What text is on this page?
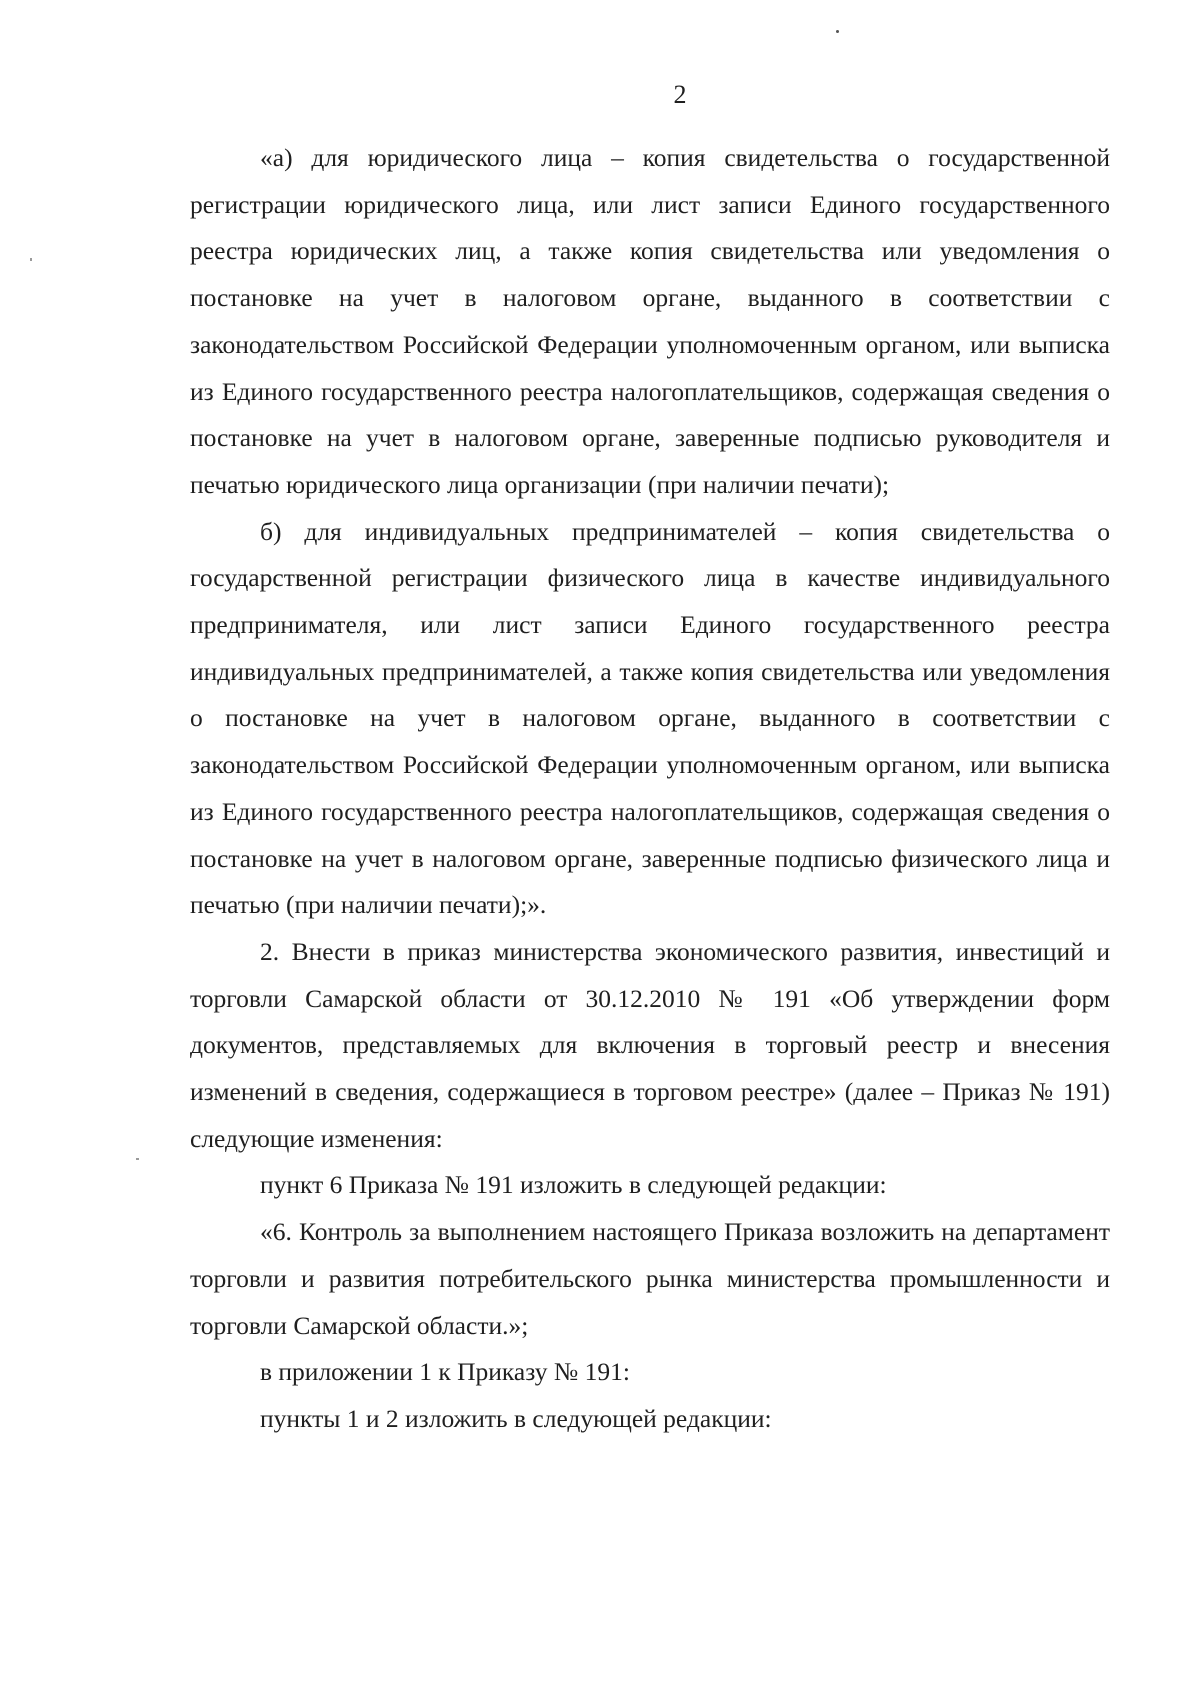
2

«а) для юридического лица – копия свидетельства о государственной регистрации юридического лица, или лист записи Единого государственного реестра юридических лиц, а также копия свидетельства или уведомления о постановке на учет в налоговом органе, выданного в соответствии с законодательством Российской Федерации уполномоченным органом, или выписка из Единого государственного реестра налогоплательщиков, содержащая сведения о постановке на учет в налоговом органе, заверенные подписью руководителя и печатью юридического лица организации (при наличии печати);

б) для индивидуальных предпринимателей – копия свидетельства о государственной регистрации физического лица в качестве индивидуального предпринимателя, или лист записи Единого государственного реестра индивидуальных предпринимателей, а также копия свидетельства или уведомления о постановке на учет в налоговом органе, выданного в соответствии с законодательством Российской Федерации уполномоченным органом, или выписка из Единого государственного реестра налогоплательщиков, содержащая сведения о постановке на учет в налоговом органе, заверенные подписью физического лица и печатью (при наличии печати);».

2. Внести в приказ министерства экономического развития, инвестиций и торговли Самарской области от 30.12.2010 № 191 «Об утверждении форм документов, представляемых для включения в торговый реестр и внесения изменений в сведения, содержащиеся в торговом реестре» (далее – Приказ № 191) следующие изменения:

пункт 6 Приказа № 191 изложить в следующей редакции:

«6. Контроль за выполнением настоящего Приказа возложить на департамент торговли и развития потребительского рынка министерства промышленности и торговли Самарской области.»;

в приложении 1 к Приказу № 191:

пункты 1 и 2 изложить в следующей редакции:
